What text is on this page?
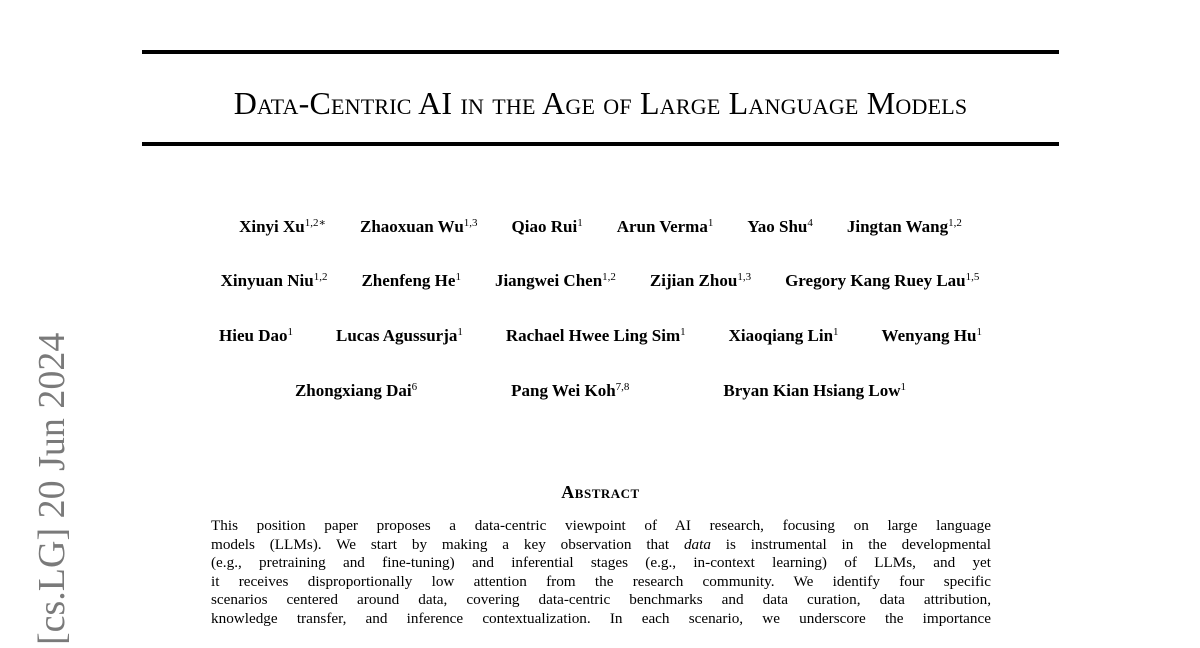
[cs.LG] 20 Jun 2024
Data-Centric AI in the Age of Large Language Models
Xinyi $Xu^{1,2∗}$ Zhaoxuan Wu$^{1,3}$ Qiao Rui$^1$ Arun Verma$^1$ Yao Shu$^4$ Jingtan Wang$^{1,2}$
Xinyuan Niu$^{1,2}$ Zhenfeng He$^1$ Jiangwei Chen$^{1,2}$ Zijian Zhou$^{1,3}$ Gregory Kang Ruey Lau$^{1,5}$
Hieu Dao$^1$	Lucas Agussurja$^1$	Rachael Hwee Ling Sim$^1$	Xiaoqiang Lin$^1$	Wenyang Hu$^1$
Zhongxiang Dai$^6$	Pang Wei Koh$^{7,8}$	Bryan Kian Hsiang Low$^1$
Abstract
This position paper proposes a data-centric viewpoint of AI research, focusing on large language
models (LLMs). We start by making a key observation that data is instrumental in the developmental
(e.g., pretraining and fine-tuning) and inferential stages (e.g., in-context learning) of LLMs, and yet
it receives disproportionally low attention from the research community. We identify four specific
scenarios centered around data, covering data-centric benchmarks and data curation, data attribution,
knowledge transfer, and inference contextualization. In each scenario, we underscore the importance
